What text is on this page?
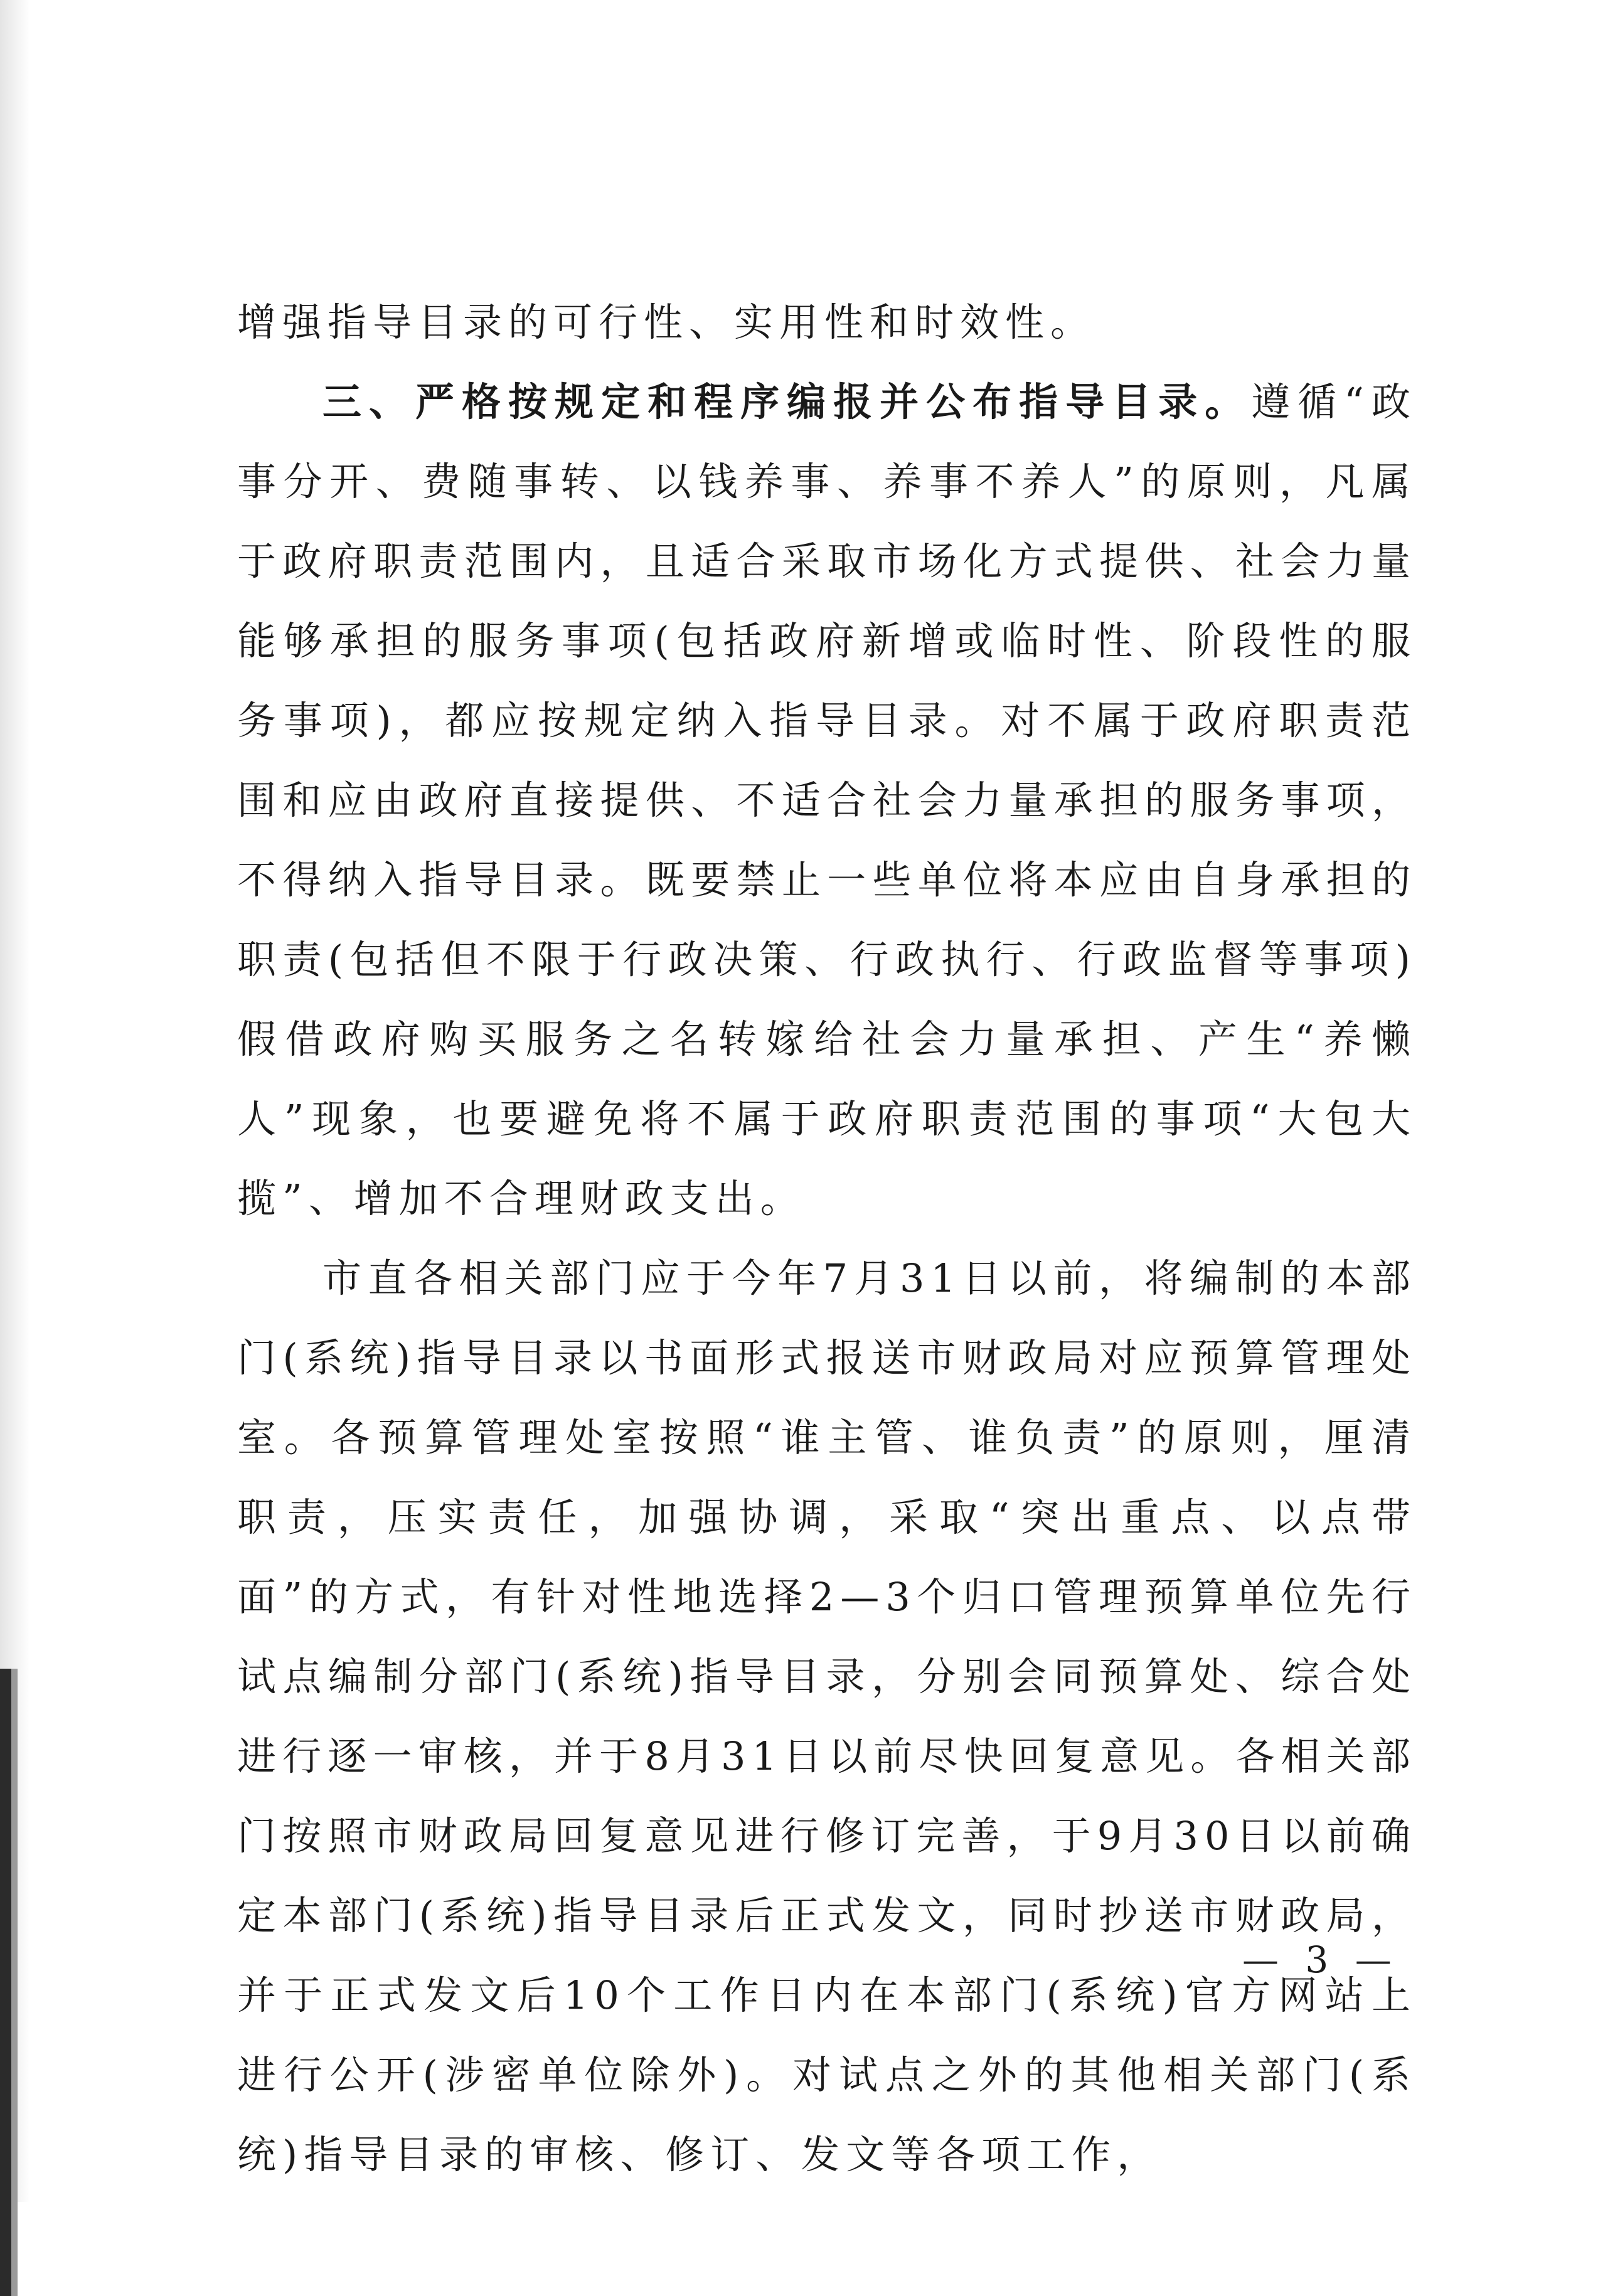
增强指导目录的可行性、实用性和时效性。

三、严格按规定和程序编报并公布指导目录。遵循“政事分开、费随事转、以钱养事、养事不养人”的原则，凡属于政府职责范围内，且适合采取市场化方式提供、社会力量能够承担的服务事项(包括政府新增或临时性、阶段性的服务事项)，都应按规定纳入指导目录。对不属于政府职责范围和应由政府直接提供、不适合社会力量承担的服务事项，不得纳入指导目录。既要禁止一些单位将本应由自身承担的职责(包括但不限于行政决策、行政执行、行政监督等事项)假借政府购买服务之名转嫁给社会力量承担、产生“养懒人”现象，也要避免将不属于政府职责范围的事项“大包大揽”、增加不合理财政支出。

市直各相关部门应于今年7月31日以前，将编制的本部门(系统)指导目录以书面形式报送市财政局对应预算管理处室。各预算管理处室按照“谁主管、谁负责”的原则，厘清职责，压实责任，加强协调，采取“突出重点、以点带面”的方式，有针对性地选择2—3个归口管理预算单位先行试点编制分部门(系统)指导目录，分别会同预算处、综合处进行逐一审核，并于8月31日以前尽快回复意见。各相关部门按照市财政局回复意见进行修订完善，于9月30日以前确定本部门(系统)指导目录后正式发文，同时抄送市财政局，并于正式发文后10个工作日内在本部门(系统)官方网站上进行公开(涉密单位除外)。对试点之外的其他相关部门(系统)指导目录的审核、修订、发文等各项工作，

— 3 —
